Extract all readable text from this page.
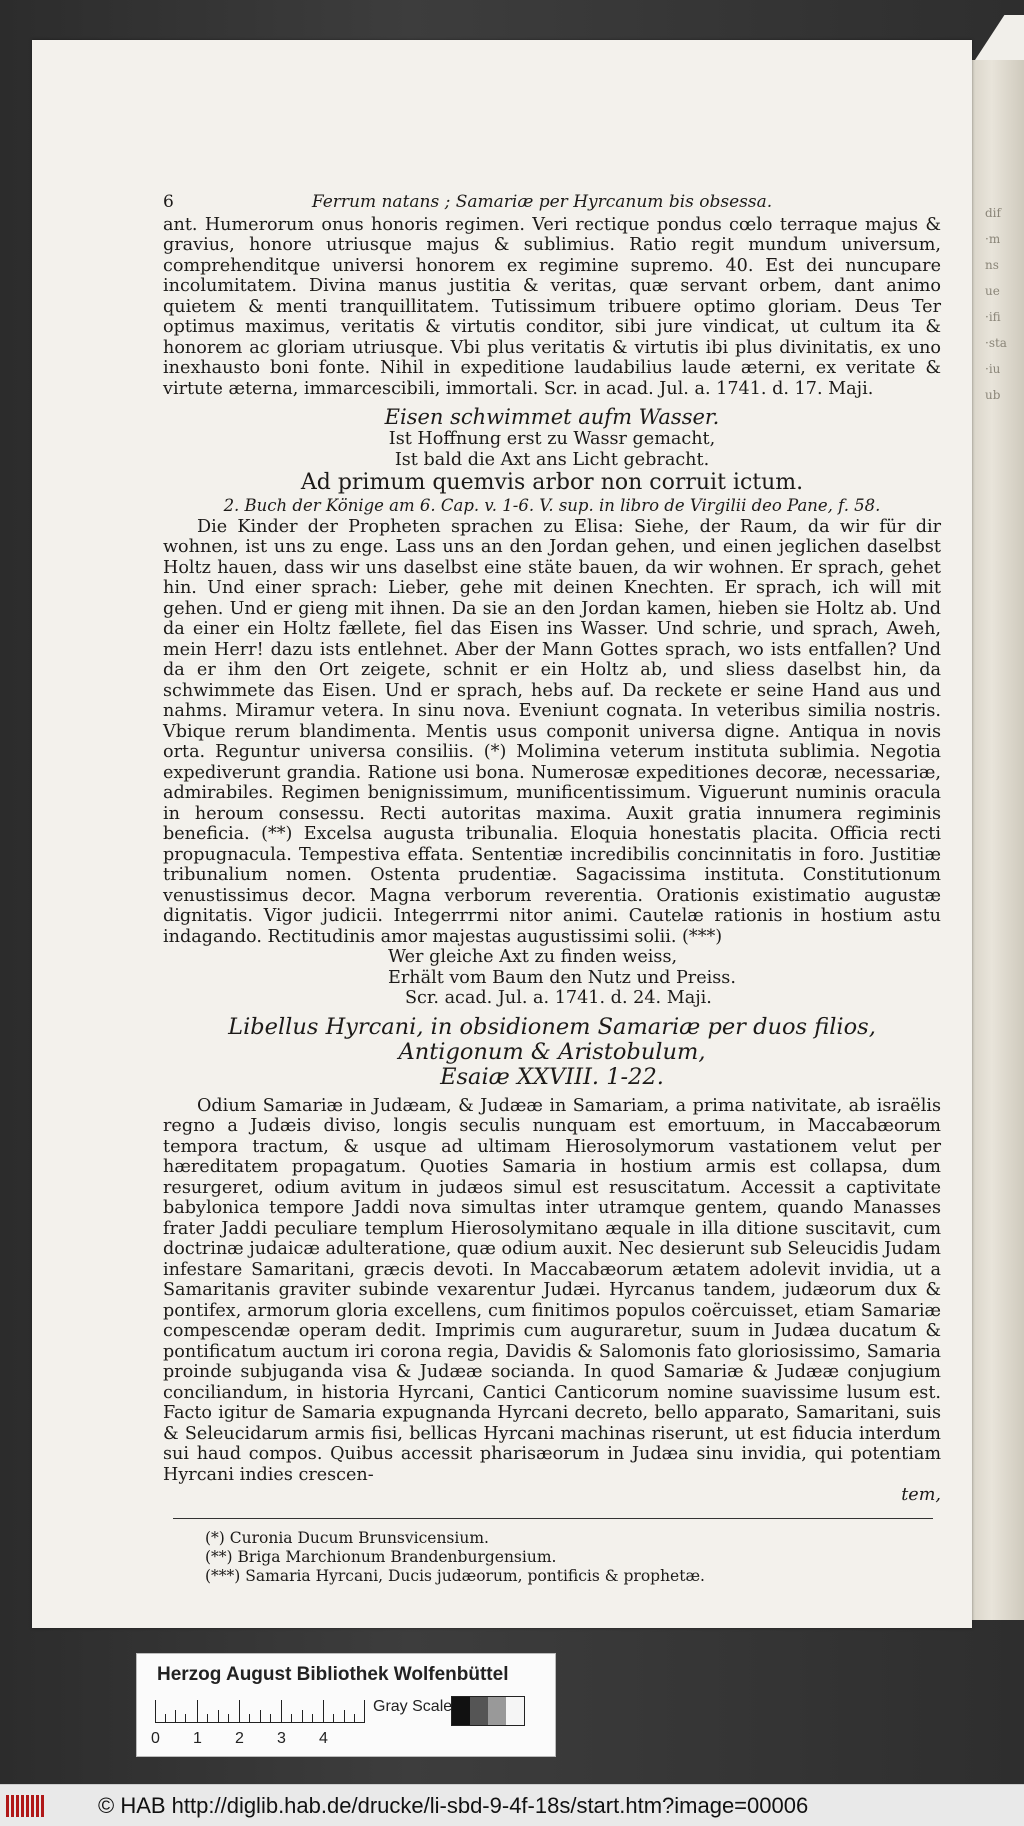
dif
·m
ns
ue
·ifi
·sta
·iu
ub
6	Ferrum natans ; Samariæ per Hyrcanum bis obsessa.

ant. Humerorum onus honoris regimen. Veri rectique pondus cœlo terraque majus & gravius, honore utriusque majus & sublimius. Ratio regit mundum universum, comprehenditque universi honorem ex regimine supremo. 40. Est dei nuncupare incolumitatem. Divina manus justitia & veritas, quæ servant orbem, dant animo quietem & menti tranquillitatem. Tutissimum tribuere optimo gloriam. Deus Ter optimus maximus, veritatis & virtutis conditor, sibi jure vindicat, ut cultum ita & honorem ac gloriam utriusque. Vbi plus veritatis & virtutis ibi plus divinitatis, ex uno inexhausto boni fonte. Nihil in expeditione laudabilius laude æterni, ex veritate & virtute æterna, immarcescibili, immortali. Scr. in acad. Jul. a. 1741. d. 17. Maji.

Eisen schwimmet aufm Wasser.
Ist Hoffnung erst zu Wassr gemacht,
Ist bald die Axt ans Licht gebracht.
Ad primum quemvis arbor non corruit ictum.
2. Buch der Könige am 6. Cap. v. 1-6. V. sup. in libro de Virgilii deo Pane, f. 58.

Die Kinder der Propheten sprachen zu Elisa: Siehe, der Raum, da wir für dir wohnen, ist uns zu enge. Lass uns an den Jordan gehen, und einen jeglichen daselbst Holtz hauen, dass wir uns daselbst eine stäte bauen, da wir wohnen. Er sprach, gehet hin. Und einer sprach: Lieber, gehe mit deinen Knechten. Er sprach, ich will mit gehen. Und er gieng mit ihnen. Da sie an den Jordan kamen, hieben sie Holtz ab. Und da einer ein Holtz fællete, fiel das Eisen ins Wasser. Und schrie, und sprach, Aweh, mein Herr! dazu ists entlehnet. Aber der Mann Gottes sprach, wo ists entfallen? Und da er ihm den Ort zeigete, schnit er ein Holtz ab, und sliess daselbst hin, da schwimmete das Eisen. Und er sprach, hebs auf. Da reckete er seine Hand aus und nahms. Miramur vetera. In sinu nova. Eveniunt cognata. In veteribus similia nostris. Vbique rerum blandimenta. Mentis usus componit universa digne. Antiqua in novis orta. Reguntur universa consiliis. (*) Molimina veterum instituta sublimia. Negotia expediverunt grandia. Ratione usi bona. Numerosæ expeditiones decoræ, necessariæ, admirabiles. Regimen benignissimum, munificentissimum. Viguerunt numinis oracula in heroum consessu. Recti autoritas maxima. Auxit gratia innumera regiminis beneficia. (**) Excelsa augusta tribunalia. Eloquia honestatis placita. Officia recti propugnacula. Tempestiva effata. Sententiæ incredibilis concinnitatis in foro. Justitiæ tribunalium nomen. Ostenta prudentiæ. Sagacissima instituta. Constitutionum venustissimus decor. Magna verborum reverentia. Orationis existimatio augustæ dignitatis. Vigor judicii. Integerrrmi nitor animi. Cautelæ rationis in hostium astu indagando. Rectitudinis amor majestas augustissimi solii. (***)

Wer gleiche Axt zu finden weiss,
Erhält vom Baum den Nutz und Preiss.
Scr. acad. Jul. a. 1741. d. 24. Maji.
Libellus Hyrcani, in obsidionem Samariæ per duos filios, Antigonum & Aristobulum,
Esaiæ XXVIII. 1-22.

Odium Samariæ in Judæam, & Judææ in Samariam, a prima nativitate, ab israëlis regno a Judæis diviso, longis seculis nunquam est emortuum, in Maccabæorum tempora tractum, & usque ad ultimam Hierosolymorum vastationem velut per hæreditatem propagatum. Quoties Samaria in hostium armis est collapsa, dum resurgeret, odium avitum in judæos simul est resuscitatum. Accessit a captivitate babylonica tempore Jaddi nova simultas inter utramque gentem, quando Manasses frater Jaddi peculiare templum Hierosolymitano æquale in illa ditione suscitavit, cum doctrinæ judaicæ adulteratione, quæ odium auxit. Nec desierunt sub Seleucidis Judam infestare Samaritani, græcis devoti. In Maccabæorum ætatem adolevit invidia, ut a Samaritanis graviter subinde vexarentur Judæi. Hyrcanus tandem, judæorum dux & pontifex, armorum gloria excellens, cum finitimos populos coërcuisset, etiam Samariæ compescendæ operam dedit. Imprimis cum auguraretur, suum in Judæa ducatum & pontificatum auctum iri corona regia, Davidis & Salomonis fato gloriosissimo, Samaria proinde subjuganda visa & Judææ socianda. In quod Samariæ & Judææ conjugium conciliandum, in historia Hyrcani, Cantici Canticorum nomine suavissime lusum est. Facto igitur de Samaria expugnanda Hyrcani decreto, bello apparato, Samaritani, suis & Seleucidarum armis fisi, bellicas Hyrcani machinas riserunt, ut est fiducia interdum sui haud compos. Quibus accessit pharisæorum in Judæa sinu invidia, qui potentiam Hyrcani indies crescen-

tem,
(*) Curonia Ducum Brunsvicensium.
(**) Briga Marchionum Brandenburgensium.
(***) Samaria Hyrcani, Ducis judæorum, pontificis & prophetæ.
Herzog August Bibliothek Wolfenbüttel
0 1 2 3 4
Gray Scale
© HAB http://diglib.hab.de/drucke/li-sbd-9-4f-18s/start.htm?image=00006
